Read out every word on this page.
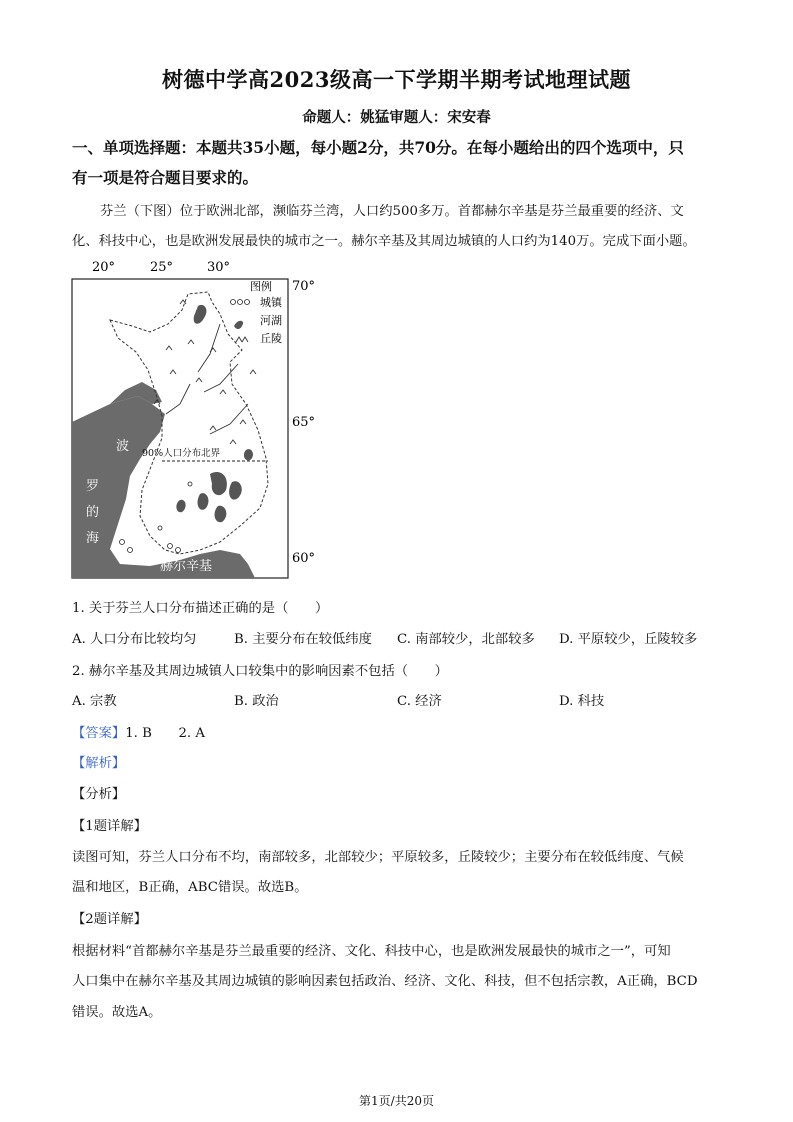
树德中学高2023级高一下学期半期考试地理试题
命题人：姚猛审题人：宋安春
一、单项选择题：本题共35小题，每小题2分，共70分。在每小题给出的四个选项中，只
有一项是符合题目要求的。
芬兰（下图）位于欧洲北部，濒临芬兰湾，人口约500多万。首都赫尔辛基是芬兰最重要的经济、文
化、科技中心，也是欧洲发展最快的城市之一。赫尔辛基及其周边城镇的人口约为140万。完成下面小题。
20°	25°	30°
90%人口分布北界
图例
城镇
河湖
丘陵
波
罗
的
海
赫尔辛基
70°
65°
60°
1. 关于芬兰人口分布描述正确的是（　　）
A. 人口分布比较均匀	B. 主要分布在较低纬度 C. 南部较少，北部较多 D. 平原较少，丘陵较多
2. 赫尔辛基及其周边城镇人口较集中的影响因素不包括（　　）
A. 宗教	B. 政治	C. 经济	D. 科技
【答案】1. B　　2. A
【解析】
【分析】
【1题详解】
读图可知，芬兰人口分布不均，南部较多，北部较少；平原较多，丘陵较少；主要分布在较低纬度、气候
温和地区，B正确，ABC错误。故选B。
【2题详解】
根据材料“首都赫尔辛基是芬兰最重要的经济、文化、科技中心，也是欧洲发展最快的城市之一”，可知
人口集中在赫尔辛基及其周边城镇的影响因素包括政治、经济、文化、科技，但不包括宗教，A正确，BCD
错误。故选A。
第1页/共20页
